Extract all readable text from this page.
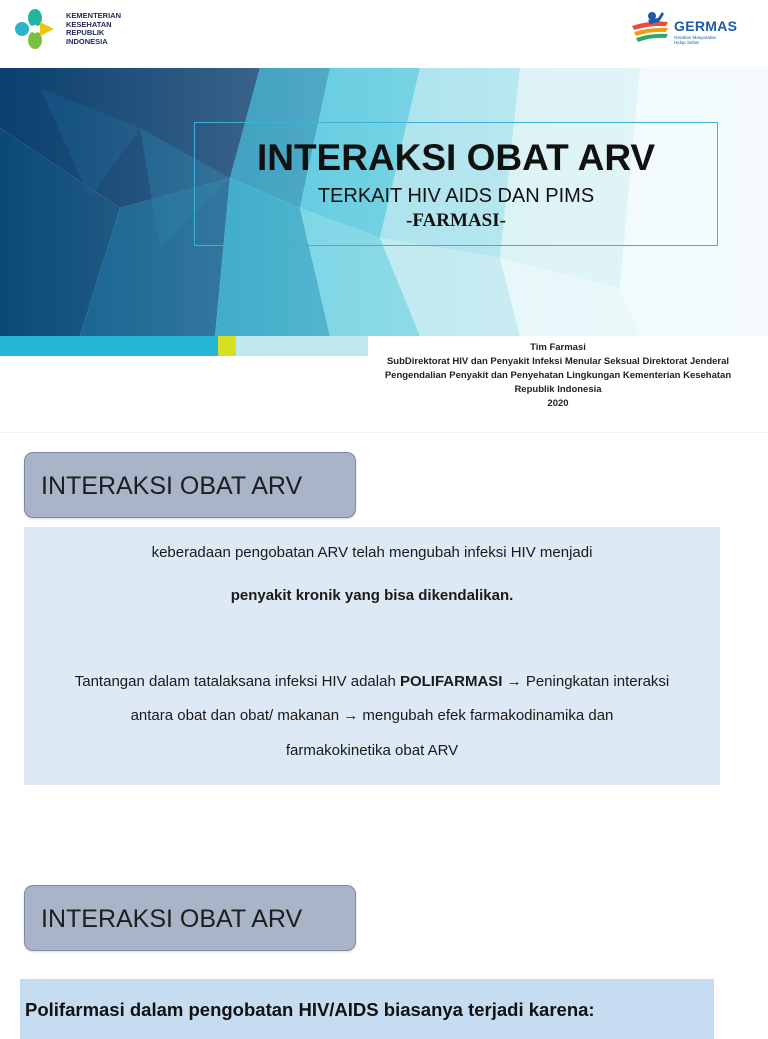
KEMENTERIAN
KESEHATAN
REPUBLIK
INDONESIA
GERMAS
Gerakan Masyarakat
Hidup Sehat
INTERAKSI OBAT ARV
TERKAIT HIV AIDS DAN PIMS
-FARMASI-
Tim Farmasi
SubDirektorat HIV dan Penyakit Infeksi Menular Seksual Direktorat Jenderal
Pengendalian Penyakit dan Penyehatan Lingkungan Kementerian Kesehatan
Republik Indonesia
2020
INTERAKSI OBAT ARV
keberadaan pengobatan ARV telah mengubah infeksi HIV menjadi
penyakit kronik yang bisa dikendalikan.
Tantangan dalam tatalaksana infeksi HIV adalah POLIFARMASI → Peningkatan interaksi
antara obat dan obat/ makanan → mengubah efek farmakodinamika dan
farmakokinetika obat ARV
INTERAKSI OBAT ARV
Polifarmasi dalam pengobatan HIV/AIDS biasanya terjadi karena:
